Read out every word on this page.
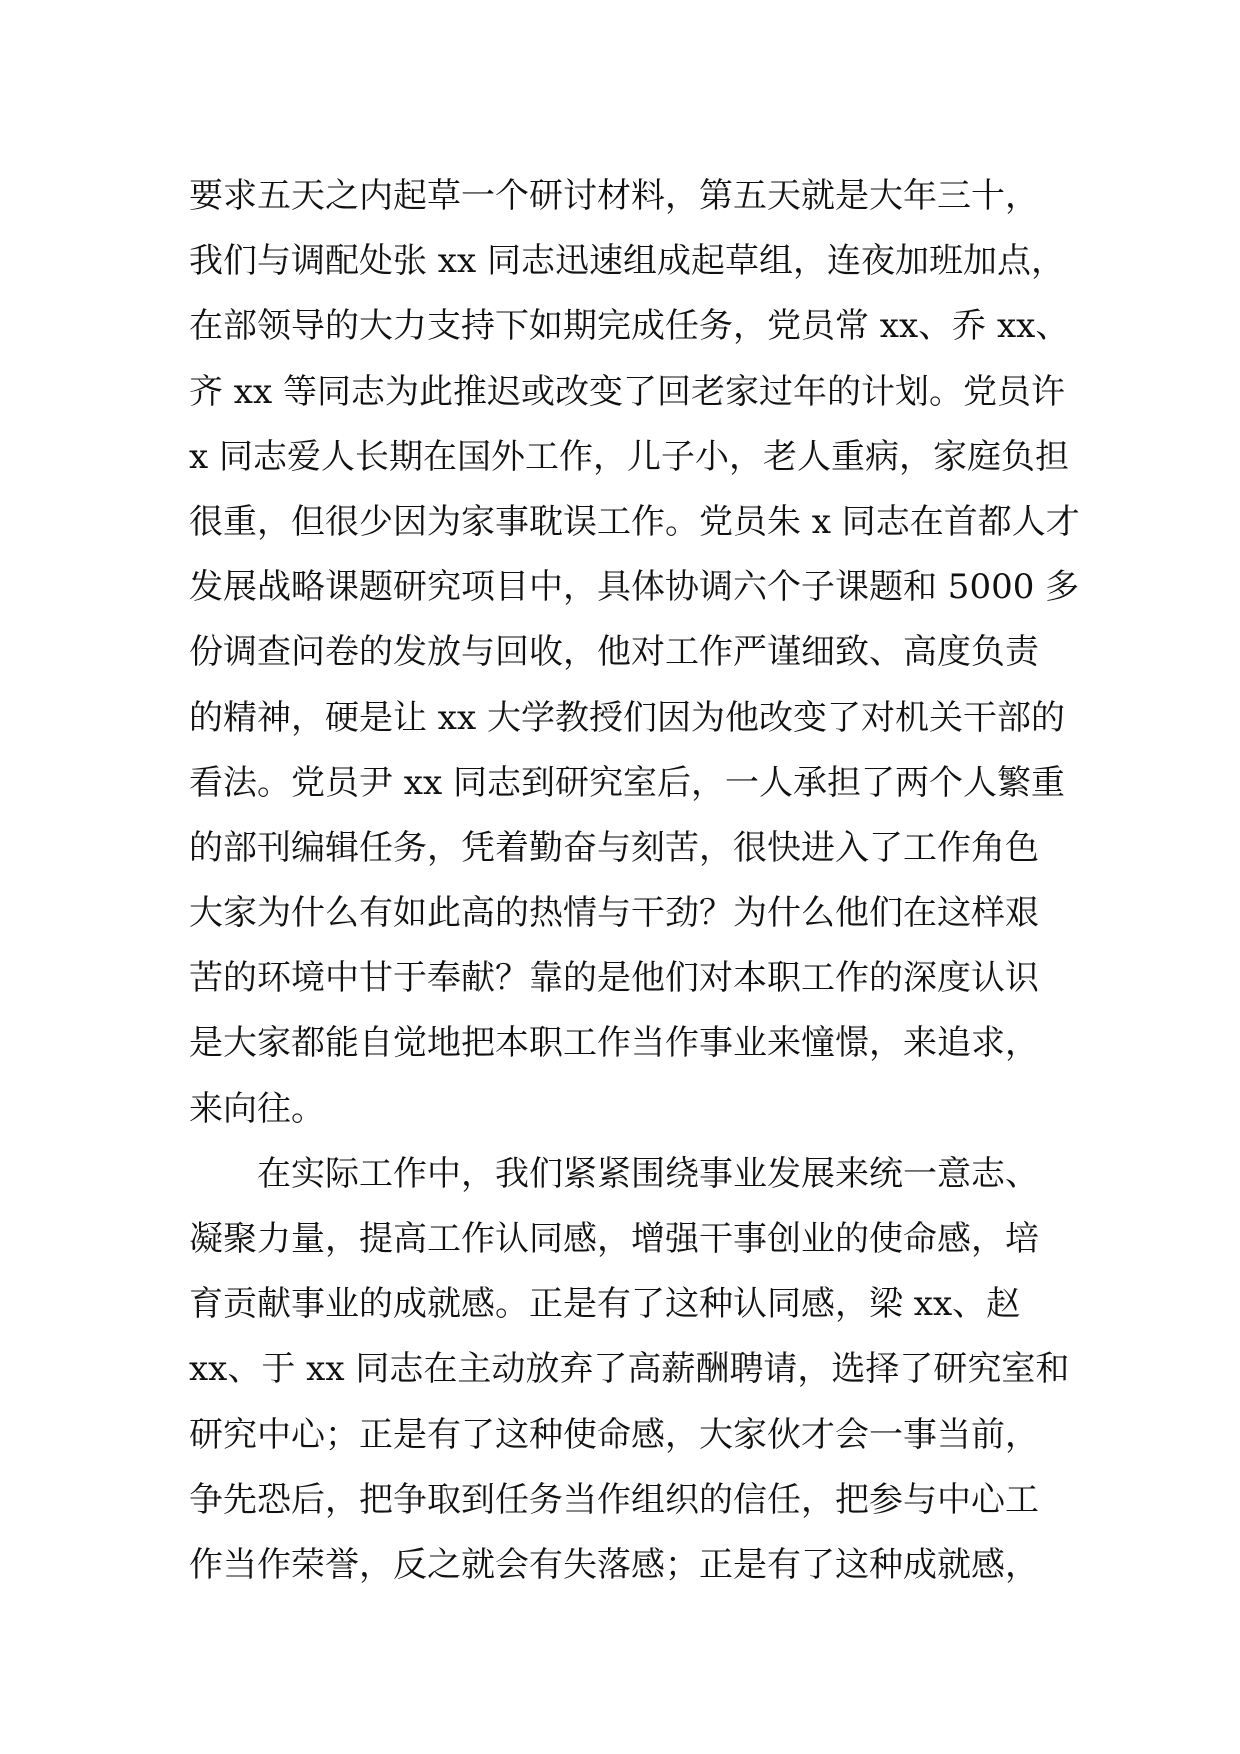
要求五天之内起草一个研讨材料，第五天就是大年三十，
我们与调配处张 xx 同志迅速组成起草组，连夜加班加点，
在部领导的大力支持下如期完成任务，党员常 xx、乔 xx、
齐 xx 等同志为此推迟或改变了回老家过年的计划。党员许
x 同志爱人长期在国外工作，儿子小，老人重病，家庭负担
很重，但很少因为家事耽误工作。党员朱 x 同志在首都人才
发展战略课题研究项目中，具体协调六个子课题和 5000 多
份调查问卷的发放与回收，他对工作严谨细致、高度负责
的精神，硬是让 xx 大学教授们因为他改变了对机关干部的
看法。党员尹 xx 同志到研究室后，一人承担了两个人繁重
的部刊编辑任务，凭着勤奋与刻苦，很快进入了工作角色
大家为什么有如此高的热情与干劲？为什么他们在这样艰
苦的环境中甘于奉献？靠的是他们对本职工作的深度认识
是大家都能自觉地把本职工作当作事业来憧憬，来追求，
来向往。
在实际工作中，我们紧紧围绕事业发展来统一意志、
凝聚力量，提高工作认同感，增强干事创业的使命感，培
育贡献事业的成就感。正是有了这种认同感，梁 xx、赵
xx、于 xx 同志在主动放弃了高薪酬聘请，选择了研究室和
研究中心；正是有了这种使命感，大家伙才会一事当前，
争先恐后，把争取到任务当作组织的信任，把参与中心工
作当作荣誉，反之就会有失落感；正是有了这种成就感，
